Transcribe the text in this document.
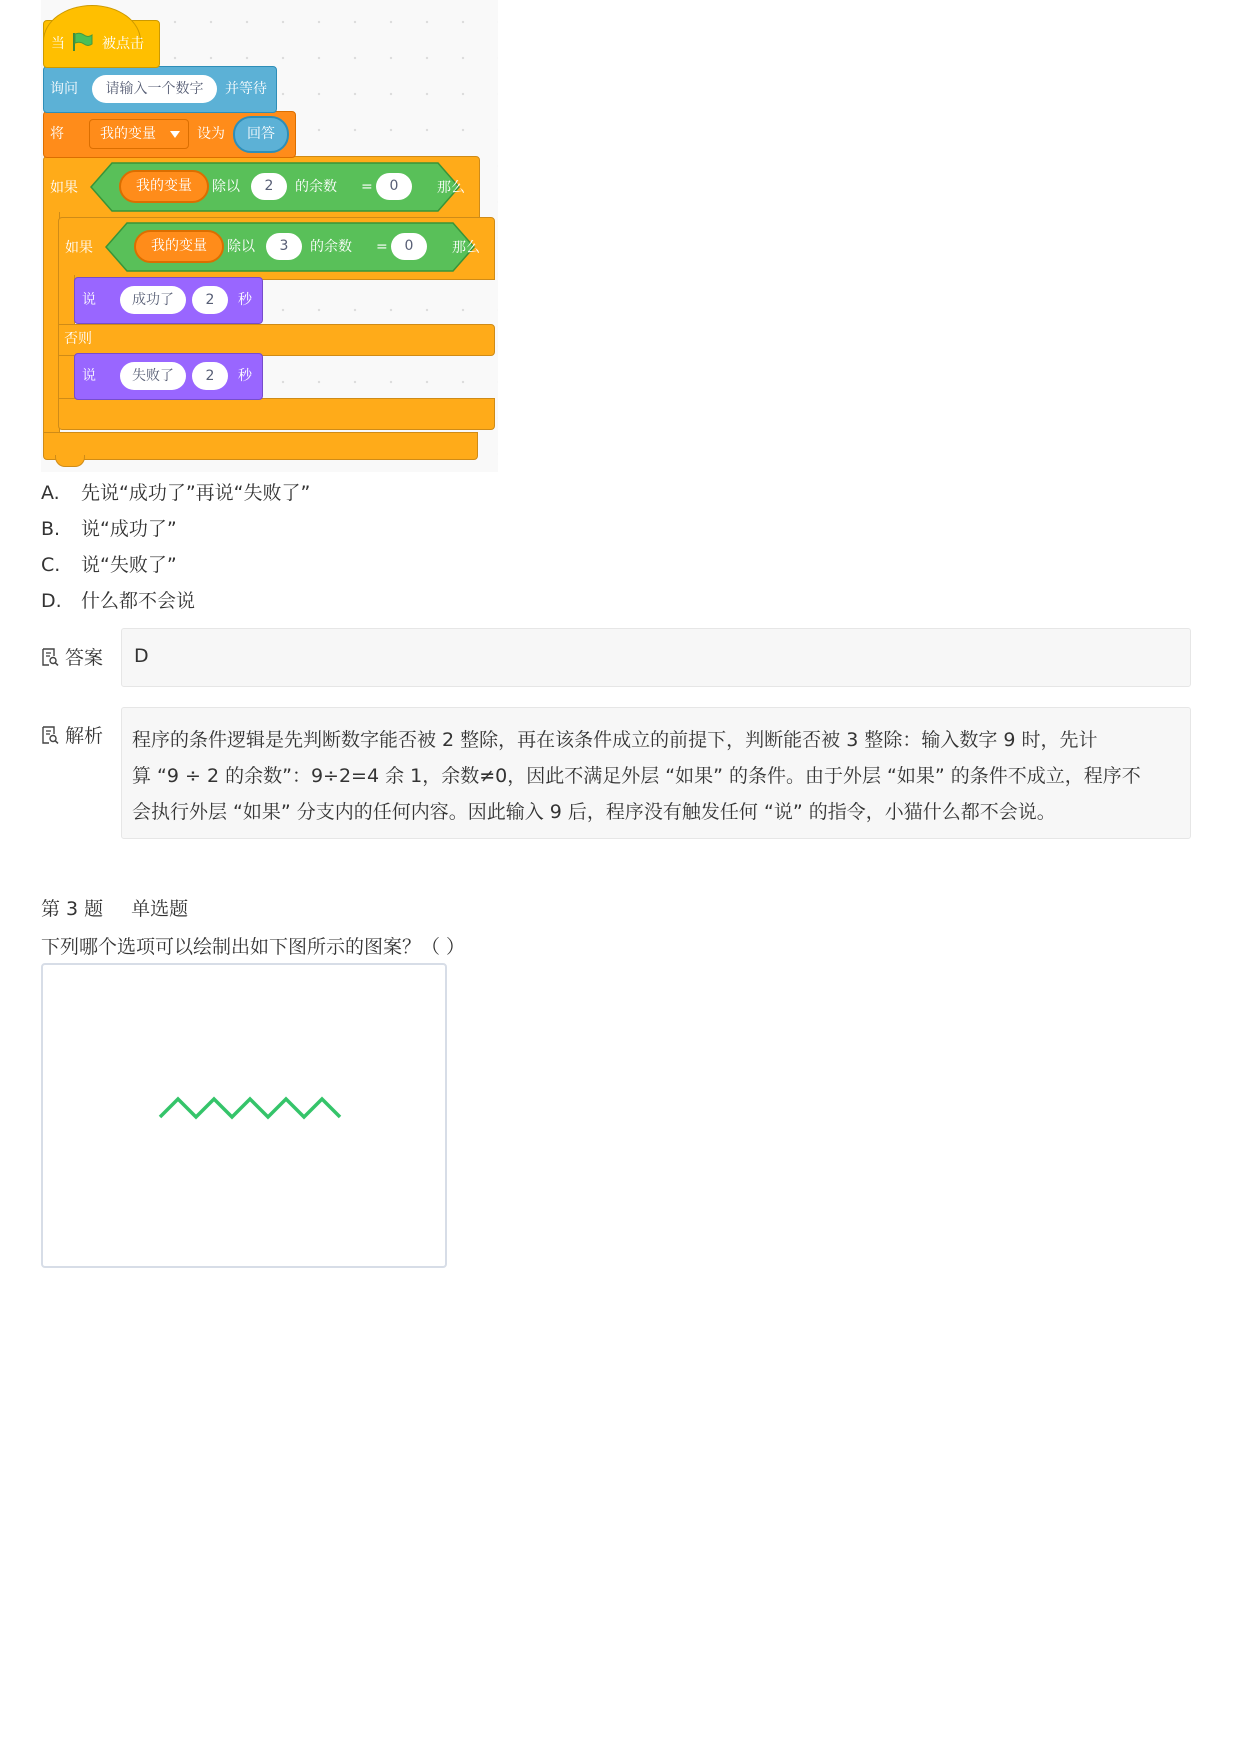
如果	我的变量	除以	2	的余数 =	0	那么
否则
如果	我的变量	除以	3	的余数 =	0	那么
说	成功了	2	秒
说	失败了	2	秒
将	我的变量	设为	回答
询问	请输入一个数字	并等待
当	被点击
A. 先说“成功了”再说“失败了”
B. 说“成功了”
C. 说“失败了”
D. 什么都不会说
答案	D
解析 程序的条件逻辑是先判断数字能否被 2 整除，再在该条件成立的前提下，判断能否被 3 整除：输入数字 9 时，先计
算 “9 ÷ 2 的余数”：9÷2=4 余 1，余数≠0，因此不满足外层 “如果” 的条件。由于外层 “如果” 的条件不成立，程序不
会执行外层 “如果” 分支内的任何内容。因此输入 9 后，程序没有触发任何 “说” 的指令，小猫什么都不会说。
第 3 题 单选题
下列哪个选项可以绘制出如下图所示的图案？（ ）
